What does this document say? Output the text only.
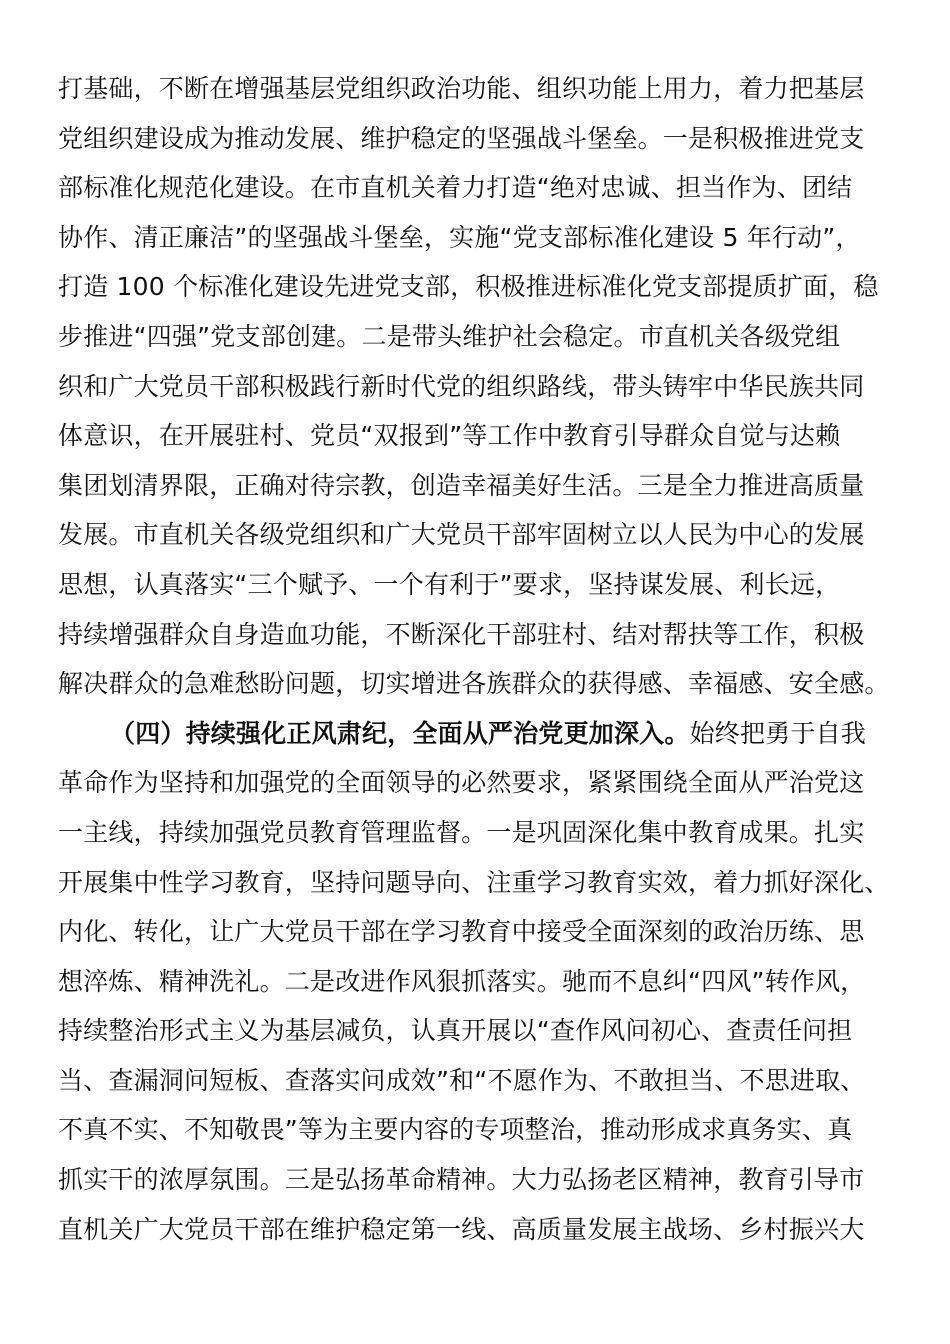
打基础，不断在增强基层党组织政治功能、组织功能上用力，着力把基层
党组织建设成为推动发展、维护稳定的坚强战斗堡垒。一是积极推进党支
部标准化规范化建设。在市直机关着力打造“绝对忠诚、担当作为、团结
协作、清正廉洁”的坚强战斗堡垒，实施“党支部标准化建设 5 年行动”，
打造 100 个标准化建设先进党支部，积极推进标准化党支部提质扩面，稳
步推进“四强”党支部创建。二是带头维护社会稳定。市直机关各级党组
织和广大党员干部积极践行新时代党的组织路线，带头铸牢中华民族共同
体意识，在开展驻村、党员“双报到”等工作中教育引导群众自觉与达赖
集团划清界限，正确对待宗教，创造幸福美好生活。三是全力推进高质量
发展。市直机关各级党组织和广大党员干部牢固树立以人民为中心的发展
思想，认真落实“三个赋予、一个有利于”要求，坚持谋发展、利长远，
持续增强群众自身造血功能，不断深化干部驻村、结对帮扶等工作，积极
解决群众的急难愁盼问题，切实增进各族群众的获得感、幸福感、安全感。
（四）持续强化正风肃纪，全面从严治党更加深入。始终把勇于自我
革命作为坚持和加强党的全面领导的必然要求，紧紧围绕全面从严治党这
一主线，持续加强党员教育管理监督。一是巩固深化集中教育成果。扎实
开展集中性学习教育，坚持问题导向、注重学习教育实效，着力抓好深化、
内化、转化，让广大党员干部在学习教育中接受全面深刻的政治历练、思
想淬炼、精神洗礼。二是改进作风狠抓落实。驰而不息纠“四风”转作风，
持续整治形式主义为基层减负，认真开展以“查作风问初心、查责任问担
当、查漏洞问短板、查落实问成效”和“不愿作为、不敢担当、不思进取、
不真不实、不知敬畏”等为主要内容的专项整治，推动形成求真务实、真
抓实干的浓厚氛围。三是弘扬革命精神。大力弘扬老区精神，教育引导市
直机关广大党员干部在维护稳定第一线、高质量发展主战场、乡村振兴大
